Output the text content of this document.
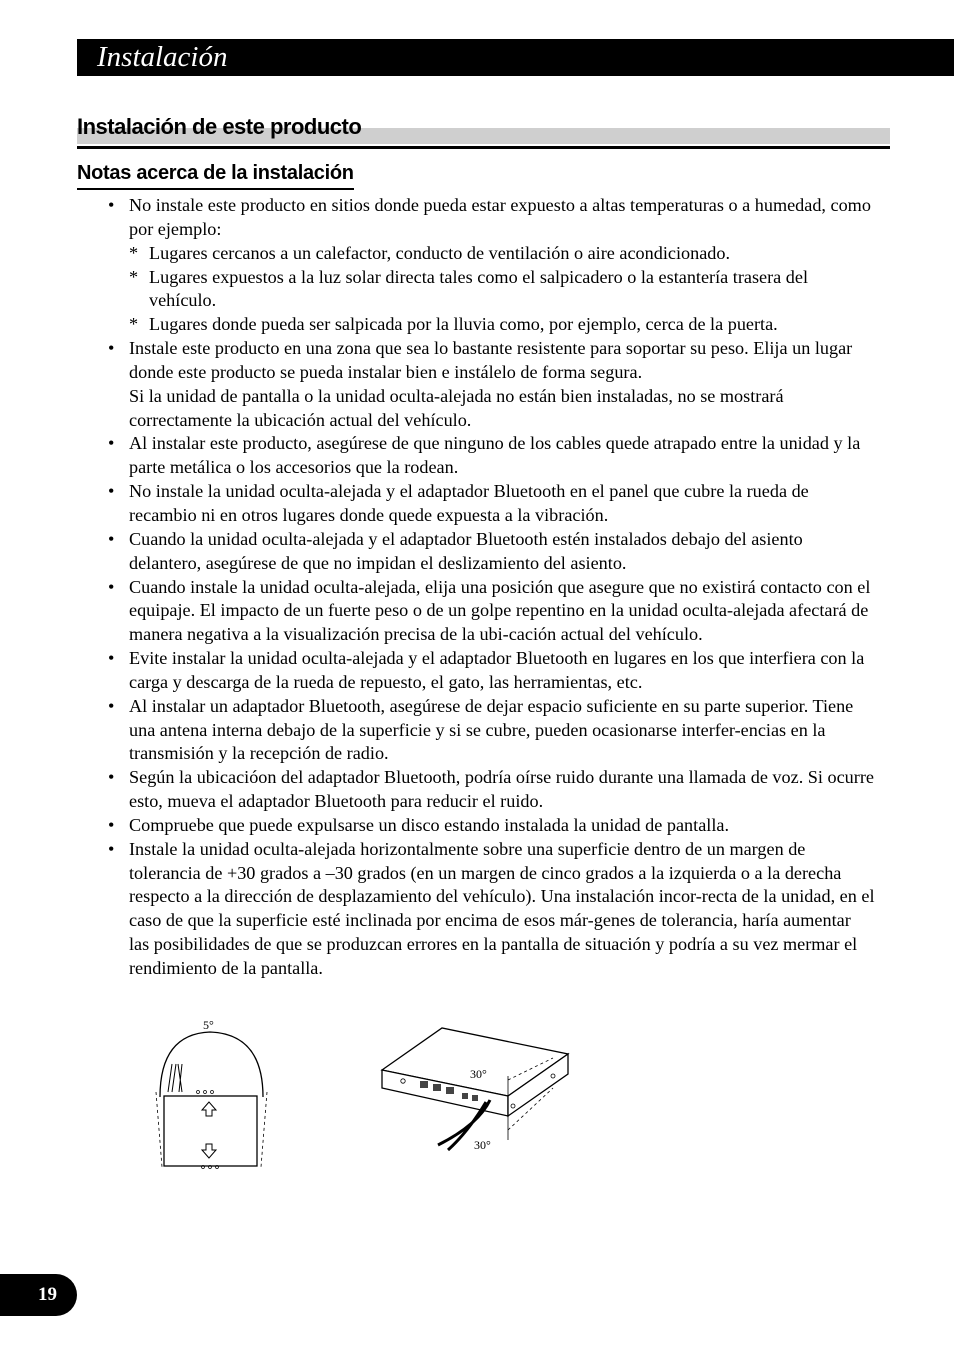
Instalación
Instalación de este producto
Notas acerca de la instalación
• No instale este producto en sitios donde pueda estar expuesto a altas temperaturas o a humedad, como por ejemplo:
* Lugares cercanos a un calefactor, conducto de ventilación o aire acondicionado.
* Lugares expuestos a la luz solar directa tales como el salpicadero o la estantería trasera del vehículo.
* Lugares donde pueda ser salpicada por la lluvia como, por ejemplo, cerca de la puerta.
• Instale este producto en una zona que sea lo bastante resistente para soportar su peso. Elija un lugar donde este producto se pueda instalar bien e instálelo de forma segura.
Si la unidad de pantalla o la unidad oculta-alejada no están bien instaladas, no se mostrará correctamente la ubicación actual del vehículo.
• Al instalar este producto, asegúrese de que ninguno de los cables quede atrapado entre la unidad y la parte metálica o los accesorios que la rodean.
• No instale la unidad oculta-alejada y el adaptador Bluetooth en el panel que cubre la rueda de recambio ni en otros lugares donde quede expuesta a la vibración.
• Cuando la unidad oculta-alejada y el adaptador Bluetooth estén instalados debajo del asiento delantero, asegúrese de que no impidan el deslizamiento del asiento.
• Cuando instale la unidad oculta-alejada, elija una posición que asegure que no existirá contacto con el equipaje. El impacto de un fuerte peso o de un golpe repentino en la unidad oculta-alejada afectará de manera negativa a la visualización precisa de la ubi-cación actual del vehículo.
• Evite instalar la unidad oculta-alejada y el adaptador Bluetooth en lugares en los que interfiera con la carga y descarga de la rueda de repuesto, el gato, las herramientas, etc.
• Al instalar un adaptador Bluetooth, asegúrese de dejar espacio suficiente en su parte superior. Tiene una antena interna debajo de la superficie y si se cubre, pueden ocasionarse interfer-encias en la transmisión y la recepción de radio.
• Según la ubicacióon del adaptador Bluetooth, podría oírse ruido durante una llamada de voz. Si ocurre esto, mueva el adaptador Bluetooth para reducir el ruido.
• Compruebe que puede expulsarse un disco estando instalada la unidad de pantalla.
• Instale la unidad oculta-alejada horizontalmente sobre una superficie dentro de un margen de tolerancia de +30 grados a –30 grados (en un margen de cinco grados a la izquierda o a la derecha respecto a la dirección de desplazamiento del vehículo). Una instalación incor-recta de la unidad, en el caso de que la superficie esté inclinada por encima de esos már-genes de tolerancia, haría aumentar las posibilidades de que se produzcan errores en la pantalla de situación y podría a su vez mermar el rendimiento de la pantalla.
5°
30°
30°
19
